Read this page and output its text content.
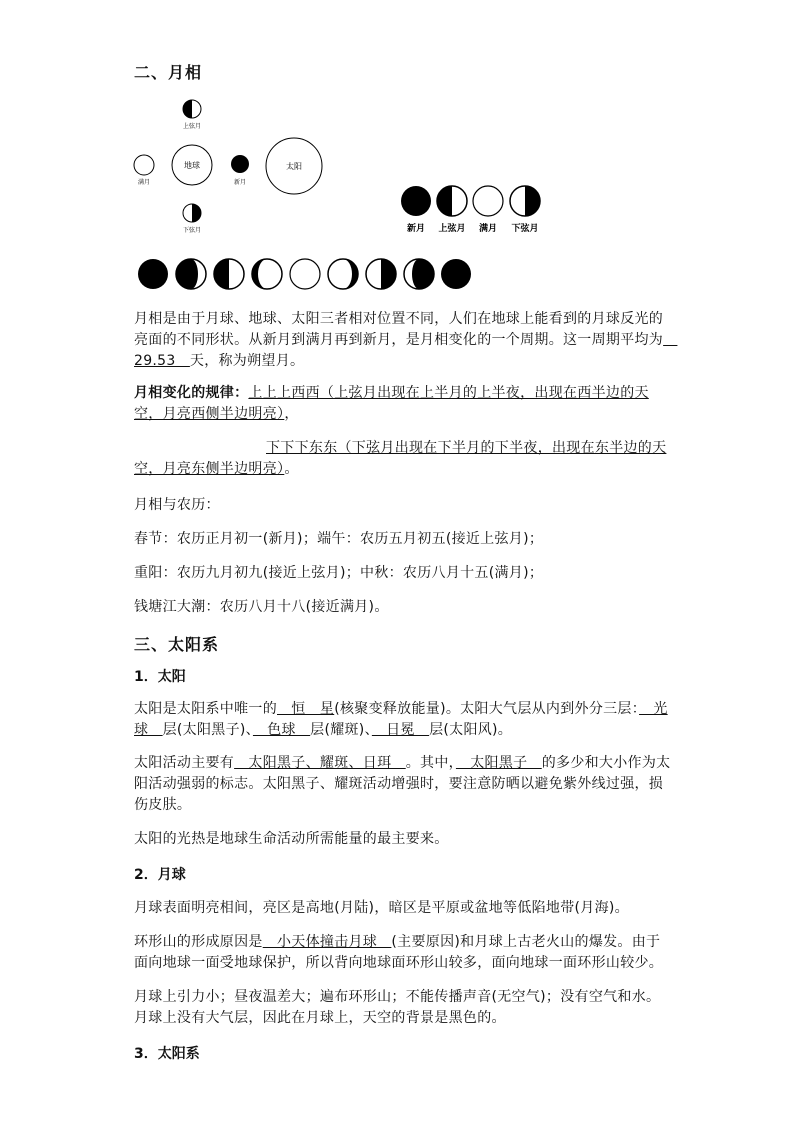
二、月相
上弦月
满月
地球
新月
太阳
下弦月	新月 上弦月 满月 下弦月
月相是由于月球、地球、太阳三者相对位置不同，人们在地球上能看到的月球反光的亮面的不同形状。从新月到满月再到新月，是月相变化的一个周期。这一周期平均为　29.53　天，称为朔望月。
月相变化的规律：上上上西西（上弦月出现在上半月的上半夜，出现在西半边的天空，月亮西侧半边明亮），
下下下东东（下弦月出现在下半月的下半夜，出现在东半边的天空，月亮东侧半边明亮）。
月相与农历：
春节：农历正月初一(新月)；端午：农历五月初五(接近上弦月)；
重阳：农历九月初九(接近上弦月)；中秋：农历八月十五(满月)；
钱塘江大潮：农历八月十八(接近满月)。
三、太阳系
1．太阳
太阳是太阳系中唯一的　恒　星(核聚变释放能量)。太阳大气层从内到外分三层：　光球　层(太阳黑子)、　色球　层(耀斑)、　日冕　层(太阳风)。
太阳活动主要有　太阳黑子、耀斑、日珥　。其中，　太阳黑子　的多少和大小作为太阳活动强弱的标志。太阳黑子、耀斑活动增强时，要注意防晒以避免紫外线过强，损伤皮肤。
太阳的光热是地球生命活动所需能量的最主要来。
2．月球
月球表面明亮相间，亮区是高地(月陆)，暗区是平原或盆地等低陷地带(月海)。
环形山的形成原因是　小天体撞击月球　(主要原因)和月球上古老火山的爆发。由于面向地球一面受地球保护，所以背向地球面环形山较多，面向地球一面环形山较少。
月球上引力小；昼夜温差大；遍布环形山；不能传播声音(无空气)；没有空气和水。月球上没有大气层，因此在月球上，天空的背景是黑色的。
3．太阳系
